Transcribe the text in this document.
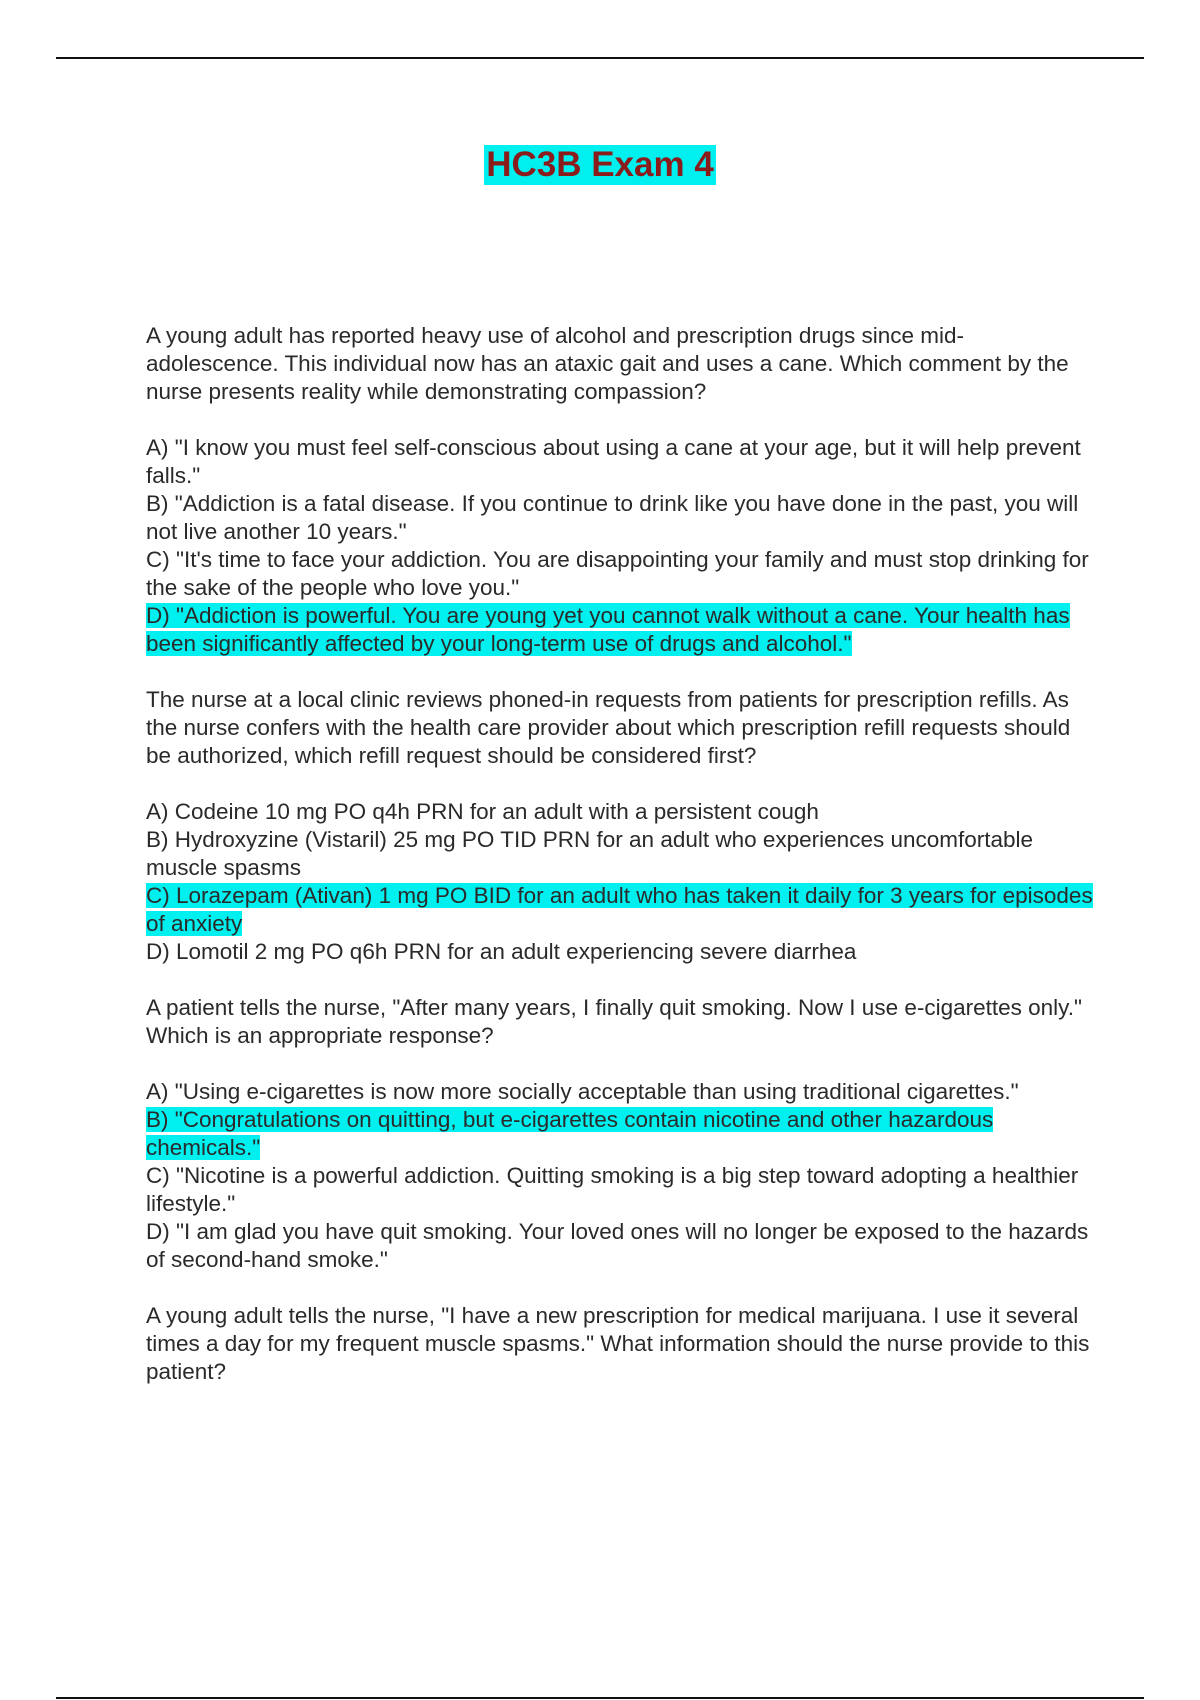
HC3B Exam 4

A young adult has reported heavy use of alcohol and prescription drugs since mid-adolescence. This individual now has an ataxic gait and uses a cane. Which comment by the nurse presents reality while demonstrating compassion?

A) "I know you must feel self-conscious about using a cane at your age, but it will help prevent falls."

B) "Addiction is a fatal disease. If you continue to drink like you have done in the past, you will not live another 10 years."

C) "It's time to face your addiction. You are disappointing your family and must stop drinking for the sake of the people who love you."

D) "Addiction is powerful. You are young yet you cannot walk without a cane. Your health has been significantly affected by your long-term use of drugs and alcohol."

The nurse at a local clinic reviews phoned-in requests from patients for prescription refills. As the nurse confers with the health care provider about which prescription refill requests should be authorized, which refill request should be considered first?

A) Codeine 10 mg PO q4h PRN for an adult with a persistent cough

B) Hydroxyzine (Vistaril) 25 mg PO TID PRN for an adult who experiences uncomfortable muscle spasms

C) Lorazepam (Ativan) 1 mg PO BID for an adult who has taken it daily for 3 years for episodes of anxiety

D) Lomotil 2 mg PO q6h PRN for an adult experiencing severe diarrhea

A patient tells the nurse, "After many years, I finally quit smoking. Now I use e-cigarettes only." Which is an appropriate response?

A) "Using e-cigarettes is now more socially acceptable than using traditional cigarettes."

B) "Congratulations on quitting, but e-cigarettes contain nicotine and other hazardous chemicals."

C) "Nicotine is a powerful addiction. Quitting smoking is a big step toward adopting a healthier lifestyle."

D) "I am glad you have quit smoking. Your loved ones will no longer be exposed to the hazards of second-hand smoke."

A young adult tells the nurse, "I have a new prescription for medical marijuana. I use it several times a day for my frequent muscle spasms." What information should the nurse provide to this patient?
